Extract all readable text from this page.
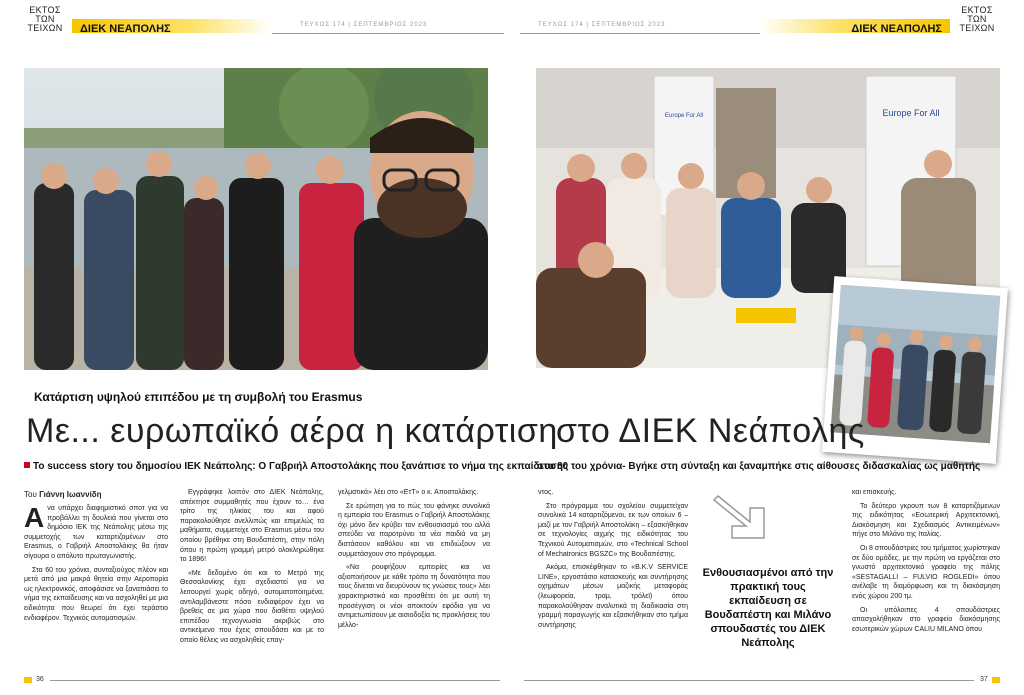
ΕΚΤΟΣ ΤΩΝ ΤΕΙΧΩΝ	ΔΙΕΚ ΝΕΑΠΟΛΗΣ	ΤΕΥΧΟΣ 174 | ΣΕΠΤΕΜΒΡΙΟΣ 2023	ΤΕΥΧΟΣ 174 | ΣΕΠΤΕΜΒΡΙΟΣ 2023	ΔΙΕΚ ΝΕΑΠΟΛΗΣ
ΕΚΤΟΣ ΤΩΝ ΤΕΙΧΩΝ
Europe For All	Europe For All
Κατάρτιση υψηλού επιπέδου με τη συμβολή του Erasmus
Με... ευρωπαϊκό αέρα η κατάρτιση
στο ΔΙΕΚ Νεάπολης
Το success story του δημοσίου ΙΕΚ Νεάπολης: Ο Γαβριήλ Αποστολάκης που ξανάπισε το νήμα της εκπαίδευσης
στα 60 του χρόνια- Βγήκε στη σύνταξη και ξαναμπήκε στις αίθουσες διδασκαλίας ως μαθητής
Του Γιάννη Ιωαννίδη

Ανα υπάρχει διαφημιστικό σποτ για να προβάλλει τη δουλειά που γίνεται στο δημόσιο ΙΕΚ της Νεάπολης μέσω της συμμετοχής των καταρτιζομένων στο Erasmus, ο Γαβριήλ Αποστολάκης θα ήταν σίγουρα ο απόλυτο πρωταγωνιστής.

Στα 60 του χρόνια, συνταξιούχος πλέον και μετά από μια μακρά θητεία στην Αεροπορία ως ηλεκτρονικός, αποφάσισε να ξαναπιάσει το νήμα της εκπαίδευσης και να ασχοληθεί με μια ειδικότητα που θεωρεί ότι έχει τεράστιο ενδιαφέρον. Τεχνικός αυτοματισμών.

Εγγράφηκε λοιπόν στο ΔΙΕΚ Νεάπολης, απέκτησε συμμαθητές που έχουν το… ένα τρίτο της ηλικίας του και αφού παρακολούθησε ανελλιπώς και επιμελώς τα μαθήματα, συμμετείχε στο Erasmus μέσω του οποίου βρέθηκε στη Βουδαπέστη, στην πόλη όπου η πρώτη γραμμή μετρό ολοκληρώθηκε το 1896!

«Με δεδομένο ότι και το Μετρό της Θεσσαλονίκης έχει σχεδιαστεί για να λειτουργεί χωρίς οδηγό, αυτοματοποιημένα, αντιλαμβάνεστε πόσο ενδιαφέρον έχει να βρεθείς σε μια χώρα που διαθέτει υψηλού επιπέδου τεχνογνωσία ακριβώς στο αντικείμενο που έχεις σπουδάσει και με το οποίο θέλεις να ασχοληθείς επαγ-

γελματικά» λέει στο «ΕτΤ» ο κ. Αποστολάκης.

Σε ερώτηση για το πώς του φάνηκε συνολικά η εμπειρία του Erasmus ο Γαβριήλ Αποστολάκης όχι μόνο δεν κρύβει τον ενθουσιασμό του αλλά σπεύδει να παροτρύνει τα νέα παιδιά να μη διστάσουν καθόλου και να επιδιώξουν να συμμετάσχουν στο πρόγραμμα.

«Να ρουφήξουν εμπειρίες και να αξιοποιήσουν με κάθε τρόπο τη δυνατότητα που τους δίνεται να διευρύνουν τις γνώσεις τους» λέει χαρακτηριστικά και προσθέτει ότι με αυτή τη προσέγγιση οι νέοι αποκτούν εφόδια για να αντιμετωπίσουν με αισιοδοξία τις προκλήσεις του μέλλο-

ντος.

Στο πρόγραμμα του σχολείου συμμετείχαν συνολικά 14 καταρτιζόμενοι, εκ των οποίων 6 – μαζί με τον Γαβριήλ Αποστολάκη – εξασκήθηκαν σε τεχνολογίες αιχμής της ειδικότητας του Τεχνικού Αυτοματισμών, στο «Technical School of Mechatronics BGSZC» της Βουδαπέστης.

Ακόμα, επισκέφθηκαν το «B.K.V SERVICE LINE», εργοστάσιο κατασκευής και συντήρησης οχημάτων μέσων μαζικής μεταφοράς (λεωφορεία, τραμ, τρόλεϊ) όπου παρακολούθησαν αναλυτικά τη διαδικασία στη γραμμή παραγωγής και εξασκήθηκαν στο τμήμα συντήρησης

Ενθουσιασμένοι από την πρακτική τους εκπαίδευση σε Βουδαπέστη και Μιλάνο σπουδαστές του ΔΙΕΚ Νεάπολης

και επισκευής.

Το δεύτερο γκρουπ των 8 καταρτιζόμενων της ειδικότητας «Εσωτερική Αρχιτεκτονική, Διακόσμηση και Σχεδιασμός Αντικειμένων» πήγε στο Μιλάνο της Ιταλίας.

Οι 8 σπουδάστριες του τμήματος χωρίστηκαν σε δύο ομάδες, με την πρώτη να εργάζεται στο γνωστό αρχιτεκτονικό γραφείο της πόλης «SESTAGALLI – FULVIO ROGLEDI» όπου ανέλαβε τη διαμόρφωση και τη διακόσμηση ενός χώρου 200 τμ.

Οι υπόλοιπες 4 σπουδάστριες απασχολήθηκαν στο γραφείο διακόσμησης εσωτερικών χώρων CALIU MILANO όπου

36	37
